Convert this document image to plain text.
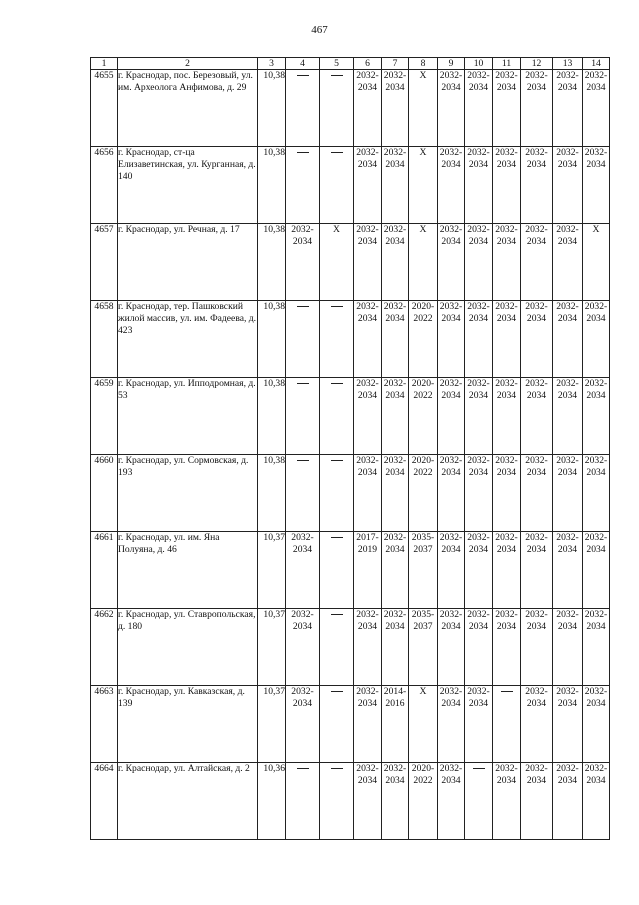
467
1	2	3	4	5	6	7	8	9	10	11	12	13	14
4655	г. Краснодар, пос. Березовый, ул. им. Археолога Анфимова, д. 29	10,38			2032-2034	2032-2034	Х	2032-2034	2032-2034	2032-2034	2032-2034	2032-2034	2032-2034
4656	г. Краснодар, ст-ца Елизаветинская, ул. Курганная, д. 140	10,38			2032-2034	2032-2034	Х	2032-2034	2032-2034	2032-2034	2032-2034	2032-2034	2032-2034
4657	г. Краснодар, ул. Речная, д. 17	10,38	2032-2034	Х	2032-2034	2032-2034	Х	2032-2034	2032-2034	2032-2034	2032-2034	2032-2034	Х
4658	г. Краснодар, тер. Пашковский жилой массив, ул. им. Фадеева, д. 423	10,38			2032-2034	2032-2034	2020-2022	2032-2034	2032-2034	2032-2034	2032-2034	2032-2034	2032-2034
4659	г. Краснодар, ул. Ипподромная, д. 53	10,38			2032-2034	2032-2034	2020-2022	2032-2034	2032-2034	2032-2034	2032-2034	2032-2034	2032-2034
4660	г. Краснодар, ул. Сормовская, д. 193	10,38			2032-2034	2032-2034	2020-2022	2032-2034	2032-2034	2032-2034	2032-2034	2032-2034	2032-2034
4661	г. Краснодар, ул. им. Яна Полуяна, д. 46	10,37	2032-2034		2017-2019	2032-2034	2035-2037	2032-2034	2032-2034	2032-2034	2032-2034	2032-2034	2032-2034
4662	г. Краснодар, ул. Ставропольская, д. 180	10,37	2032-2034		2032-2034	2032-2034	2035-2037	2032-2034	2032-2034	2032-2034	2032-2034	2032-2034	2032-2034
4663	г. Краснодар, ул. Кавказская, д. 139	10,37	2032-2034		2032-2034	2014-2016	Х	2032-2034	2032-2034		2032-2034	2032-2034	2032-2034
4664	г. Краснодар, ул. Алтайская, д. 2	10,36			2032-2034	2032-2034	2020-2022	2032-2034		2032-2034	2032-2034	2032-2034	2032-2034
